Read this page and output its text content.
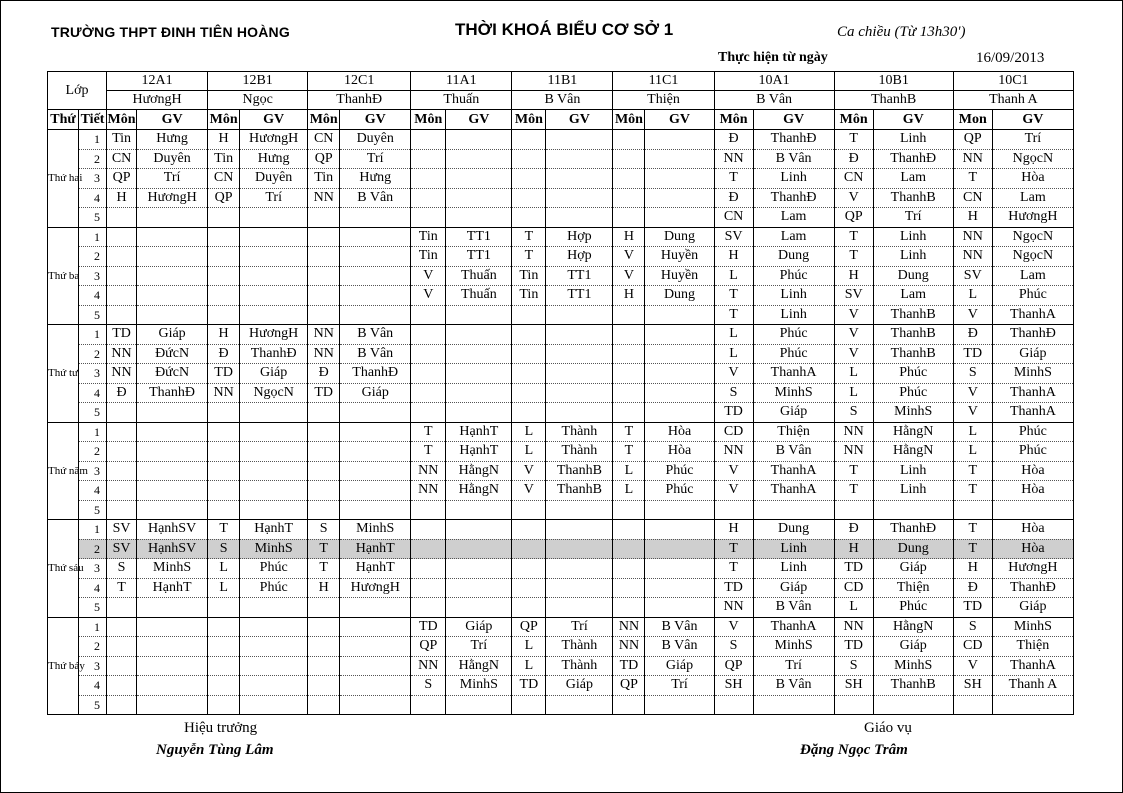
TRƯỜNG THPT ĐINH TIÊN HOÀNG	THỜI KHOÁ BIỂU CƠ SỞ 1	Ca chiều (Từ 13h30')
Thực hiện từ ngày	16/09/2013
Lớp		12A1		12B1		12C1		11A1		11B1		11C1		10A1		10B1		10C1	
		HươngH		Ngọc		ThanhĐ		Thuấn		B Vân		Thiện		B Vân		ThanhB		Thanh A	
Thứ	Tiết	Môn	GV	Môn	GV	Môn	GV	Môn	GV	Môn	GV	Môn	GV	Môn	GV	Môn	GV	Mon	GV
Thứ hai	1	Tin	Hưng	H	HươngH	CN	Duyên							Đ	ThanhĐ	T	Linh	QP	Trí
	2	CN	Duyên	Tin	Hưng	QP	Trí							NN	B Vân	Đ	ThanhĐ	NN	NgọcN
	3	QP	Trí	CN	Duyên	Tin	Hưng							T	Linh	CN	Lam	T	Hòa
	4	H	HươngH	QP	Trí	NN	B Vân							Đ	ThanhĐ	V	ThanhB	CN	Lam
	5													CN	Lam	QP	Trí	H	HươngH
Thứ ba	1							Tin	TT1	T	Hợp	H	Dung	SV	Lam	T	Linh	NN	NgọcN
	2							Tin	TT1	T	Hợp	V	Huyền	H	Dung	T	Linh	NN	NgọcN
	3							V	Thuấn	Tin	TT1	V	Huyền	L	Phúc	H	Dung	SV	Lam
	4							V	Thuấn	Tin	TT1	H	Dung	T	Linh	SV	Lam	L	Phúc
	5													T	Linh	V	ThanhB	V	ThanhA
Thứ tư	1	TD	Giáp	H	HươngH	NN	B Vân							L	Phúc	V	ThanhB	Đ	ThanhĐ
	2	NN	ĐứcN	Đ	ThanhĐ	NN	B Vân							L	Phúc	V	ThanhB	TD	Giáp
	3	NN	ĐứcN	TD	Giáp	Đ	ThanhĐ							V	ThanhA	L	Phúc	S	MinhS
	4	Đ	ThanhĐ	NN	NgọcN	TD	Giáp							S	MinhS	L	Phúc	V	ThanhA
	5													TD	Giáp	S	MinhS	V	ThanhA
Thứ năm	1							T	HạnhT	L	Thành	T	Hòa	CD	Thiện	NN	HằngN	L	Phúc
	2							T	HạnhT	L	Thành	T	Hòa	NN	B Vân	NN	HằngN	L	Phúc
	3							NN	HằngN	V	ThanhB	L	Phúc	V	ThanhA	T	Linh	T	Hòa
	4							NN	HằngN	V	ThanhB	L	Phúc	V	ThanhA	T	Linh	T	Hòa
	5																		
Thứ sáu	1	SV	HạnhSV	T	HạnhT	S	MinhS							H	Dung	Đ	ThanhĐ	T	Hòa
	2	SV	HạnhSV	S	MinhS	T	HạnhT							T	Linh	H	Dung	T	Hòa
	3	S	MinhS	L	Phúc	T	HạnhT							T	Linh	TD	Giáp	H	HươngH
	4	T	HạnhT	L	Phúc	H	HươngH							TD	Giáp	CD	Thiện	Đ	ThanhĐ
	5													NN	B Vân	L	Phúc	TD	Giáp
Thứ bảy	1							TD	Giáp	QP	Trí	NN	B Vân	V	ThanhA	NN	HằngN	S	MinhS
	2							QP	Trí	L	Thành	NN	B Vân	S	MinhS	TD	Giáp	CD	Thiện
	3							NN	HằngN	L	Thành	TD	Giáp	QP	Trí	S	MinhS	V	ThanhA
	4							S	MinhS	TD	Giáp	QP	Trí	SH	B Vân	SH	ThanhB	SH	Thanh A
	5																		
Hiệu trưởng
Nguyễn Tùng Lâm
Giáo vụ
Đặng Ngọc Trâm
